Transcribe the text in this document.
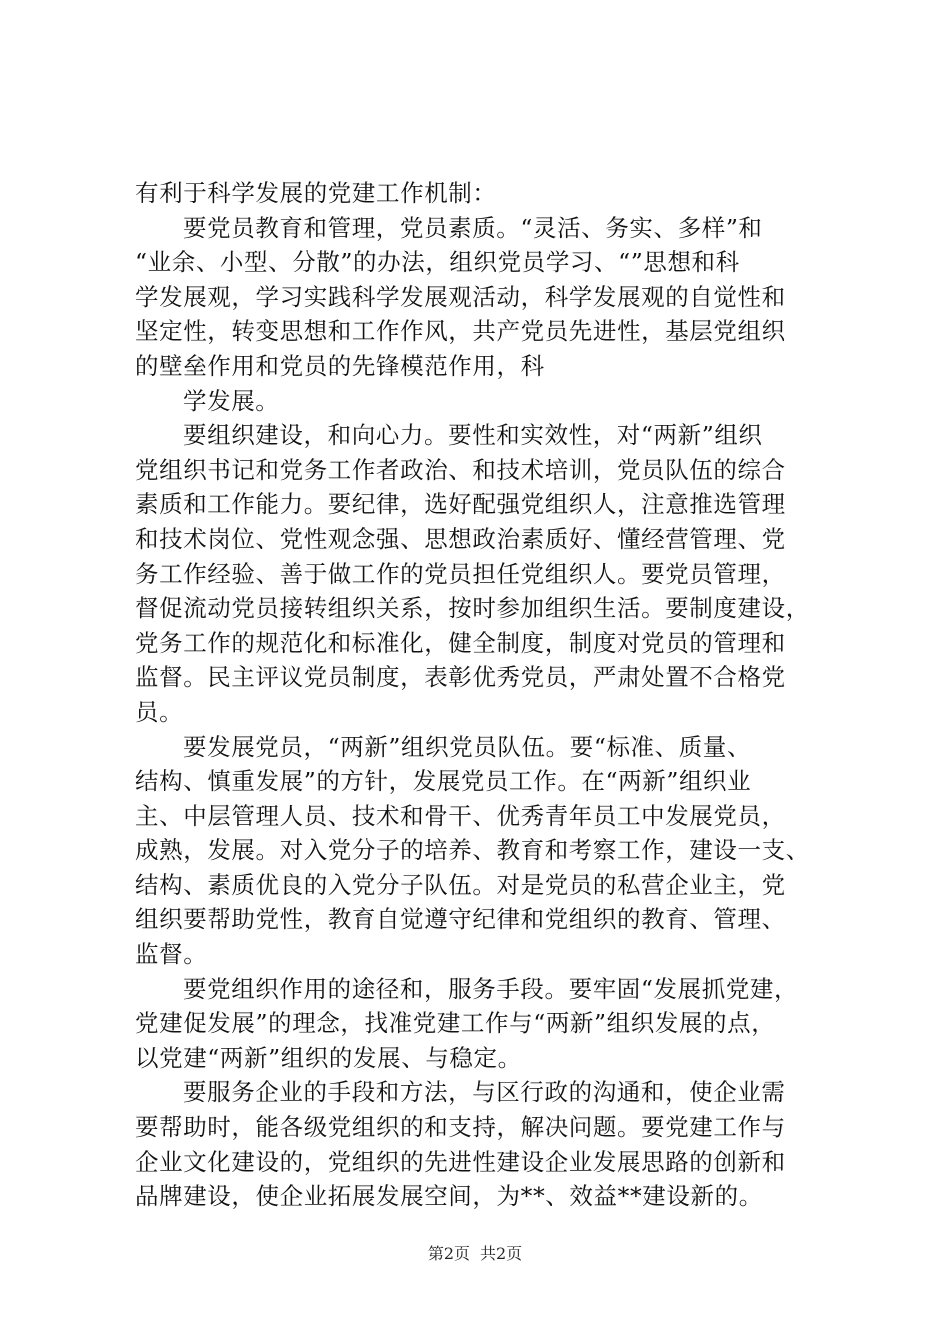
有利于科学发展的党建工作机制：
要党员教育和管理，党员素质。“灵活、务实、多样”和
“业余、小型、分散”的办法，组织党员学习、“”思想和科
学发展观，学习实践科学发展观活动，科学发展观的自觉性和
坚定性，转变思想和工作作风，共产党员先进性，基层党组织
的壁垒作用和党员的先锋模范作用，科
学发展。
要组织建设，和向心力。要性和实效性，对“两新”组织
党组织书记和党务工作者政治、和技术培训，党员队伍的综合
素质和工作能力。要纪律，选好配强党组织人，注意推选管理
和技术岗位、党性观念强、思想政治素质好、懂经营管理、党
务工作经验、善于做工作的党员担任党组织人。要党员管理，
督促流动党员接转组织关系，按时参加组织生活。要制度建设，
党务工作的规范化和标准化，健全制度，制度对党员的管理和
监督。民主评议党员制度，表彰优秀党员，严肃处置不合格党
员。
要发展党员，“两新”组织党员队伍。要“标准、质量、
结构、慎重发展”的方针，发展党员工作。在“两新”组织业
主、中层管理人员、技术和骨干、优秀青年员工中发展党员，
成熟，发展。对入党分子的培养、教育和考察工作，建设一支、
结构、素质优良的入党分子队伍。对是党员的私营企业主，党
组织要帮助党性，教育自觉遵守纪律和党组织的教育、管理、
监督。
要党组织作用的途径和，服务手段。要牢固“发展抓党建，
党建促发展”的理念，找准党建工作与“两新”组织发展的点，
以党建“两新”组织的发展、与稳定。
要服务企业的手段和方法，与区行政的沟通和，使企业需
要帮助时，能各级党组织的和支持，解决问题。要党建工作与
企业文化建设的，党组织的先进性建设企业发展思路的创新和
品牌建设，使企业拓展发展空间，为**、效益**建设新的。
第2页 共2页
